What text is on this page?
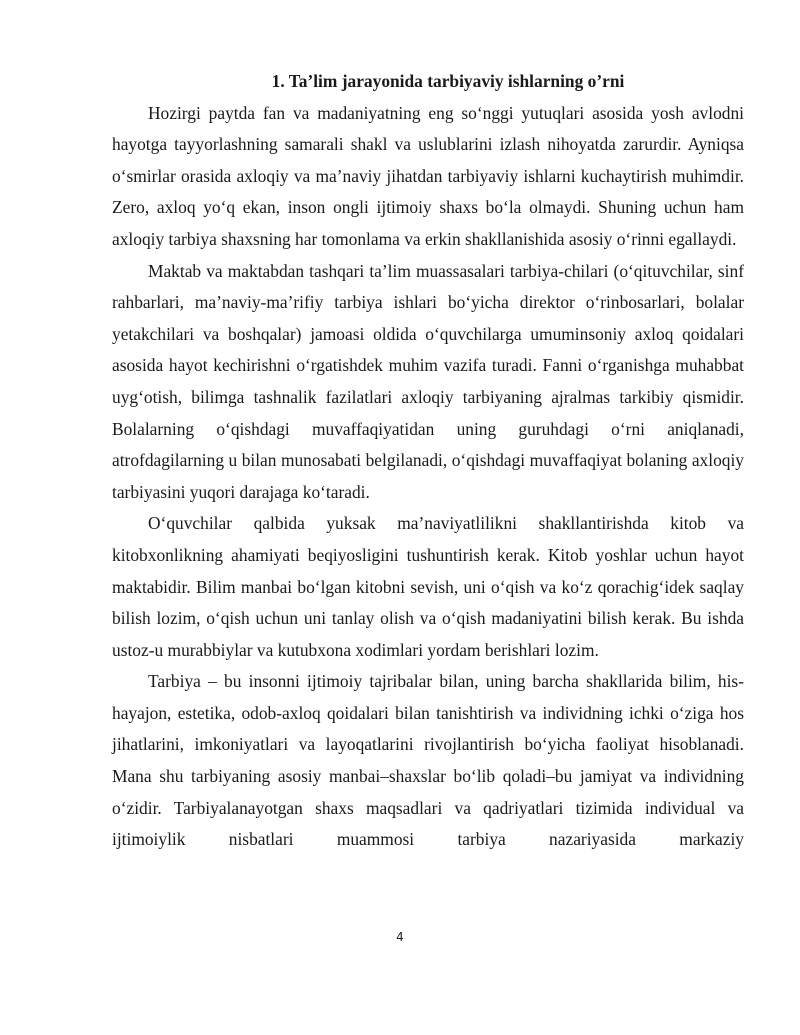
1. Ta’lim jarayonida tarbiyaviy ishlarning o’rni

Hozirgi paytda fan va madaniyatning eng so‘nggi yutuqlari asosida yosh avlodni hayotga tayyorlashning samarali shakl va uslublarini izlash nihoyatda zarurdir. Ayniqsa o‘smirlar orasida axloqiy va ma’naviy jihatdan tarbiyaviy ishlarni kuchaytirish muhimdir. Zero, axloq yo‘q ekan, inson ongli ijtimoiy shaxs bo‘la olmaydi. Shuning uchun ham axloqiy tarbiya shaxsning har tomonlama va erkin shakllanishida asosiy o‘rinni egallaydi.

Maktab va maktabdan tashqari ta’lim muassasalari tarbiya-chilari (o‘qituvchilar, sinf rahbarlari, ma’naviy-ma’rifiy tarbiya ishlari bo‘yicha direktor o‘rinbosarlari, bolalar yetakchilari va boshqalar) jamoasi oldida o‘quvchilarga umuminsoniy axloq qoidalari asosida hayot kechirishni o‘rgatishdek muhim vazifa turadi. Fanni o‘rganishga muhabbat uyg‘otish, bilimga tashnalik fazilatlari axloqiy tarbiyaning ajralmas tarkibiy qismidir. Bolalarning o‘qishdagi muvaffaqiyatidan uning guruhdagi o‘rni aniqlanadi, atrofdagilarning u bilan munosabati belgilanadi, o‘qishdagi muvaffaqiyat bolaning axloqiy tarbiyasini yuqori darajaga ko‘taradi.

O‘quvchilar qalbida yuksak ma’naviyatlilikni shakllantirishda kitob va kitobxonlikning ahamiyati beqiyosligini tushuntirish kerak. Kitob yoshlar uchun hayot maktabidir. Bilim manbai bo‘lgan kitobni sevish, uni o‘qish va ko‘z qorachig‘idek saqlay bilish lozim, o‘qish uchun uni tanlay olish va o‘qish madaniyatini bilish kerak. Bu ishda ustoz-u murabbiylar va kutubxona xodimlari yordam berishlari lozim.

Tarbiya – bu insonni ijtimoiy tajribalar bilan, uning barcha shakllarida bilim, his-hayajon, estetika, odob-axloq qoidalari bilan tanishtirish va individning ichki o‘ziga hos jihatlarini, imkoniyatlari va layoqatlarini rivojlantirish bo‘yicha faoliyat hisoblanadi. Mana shu tarbiyaning asosiy manbai–shaxslar bo‘lib qoladi–bu jamiyat va individning o‘zidir. Tarbiyalanayotgan shaxs maqsadlari va qadriyatlari tizimida individual va ijtimoiylik nisbatlari muammosi tarbiya nazariyasida markaziy

4
